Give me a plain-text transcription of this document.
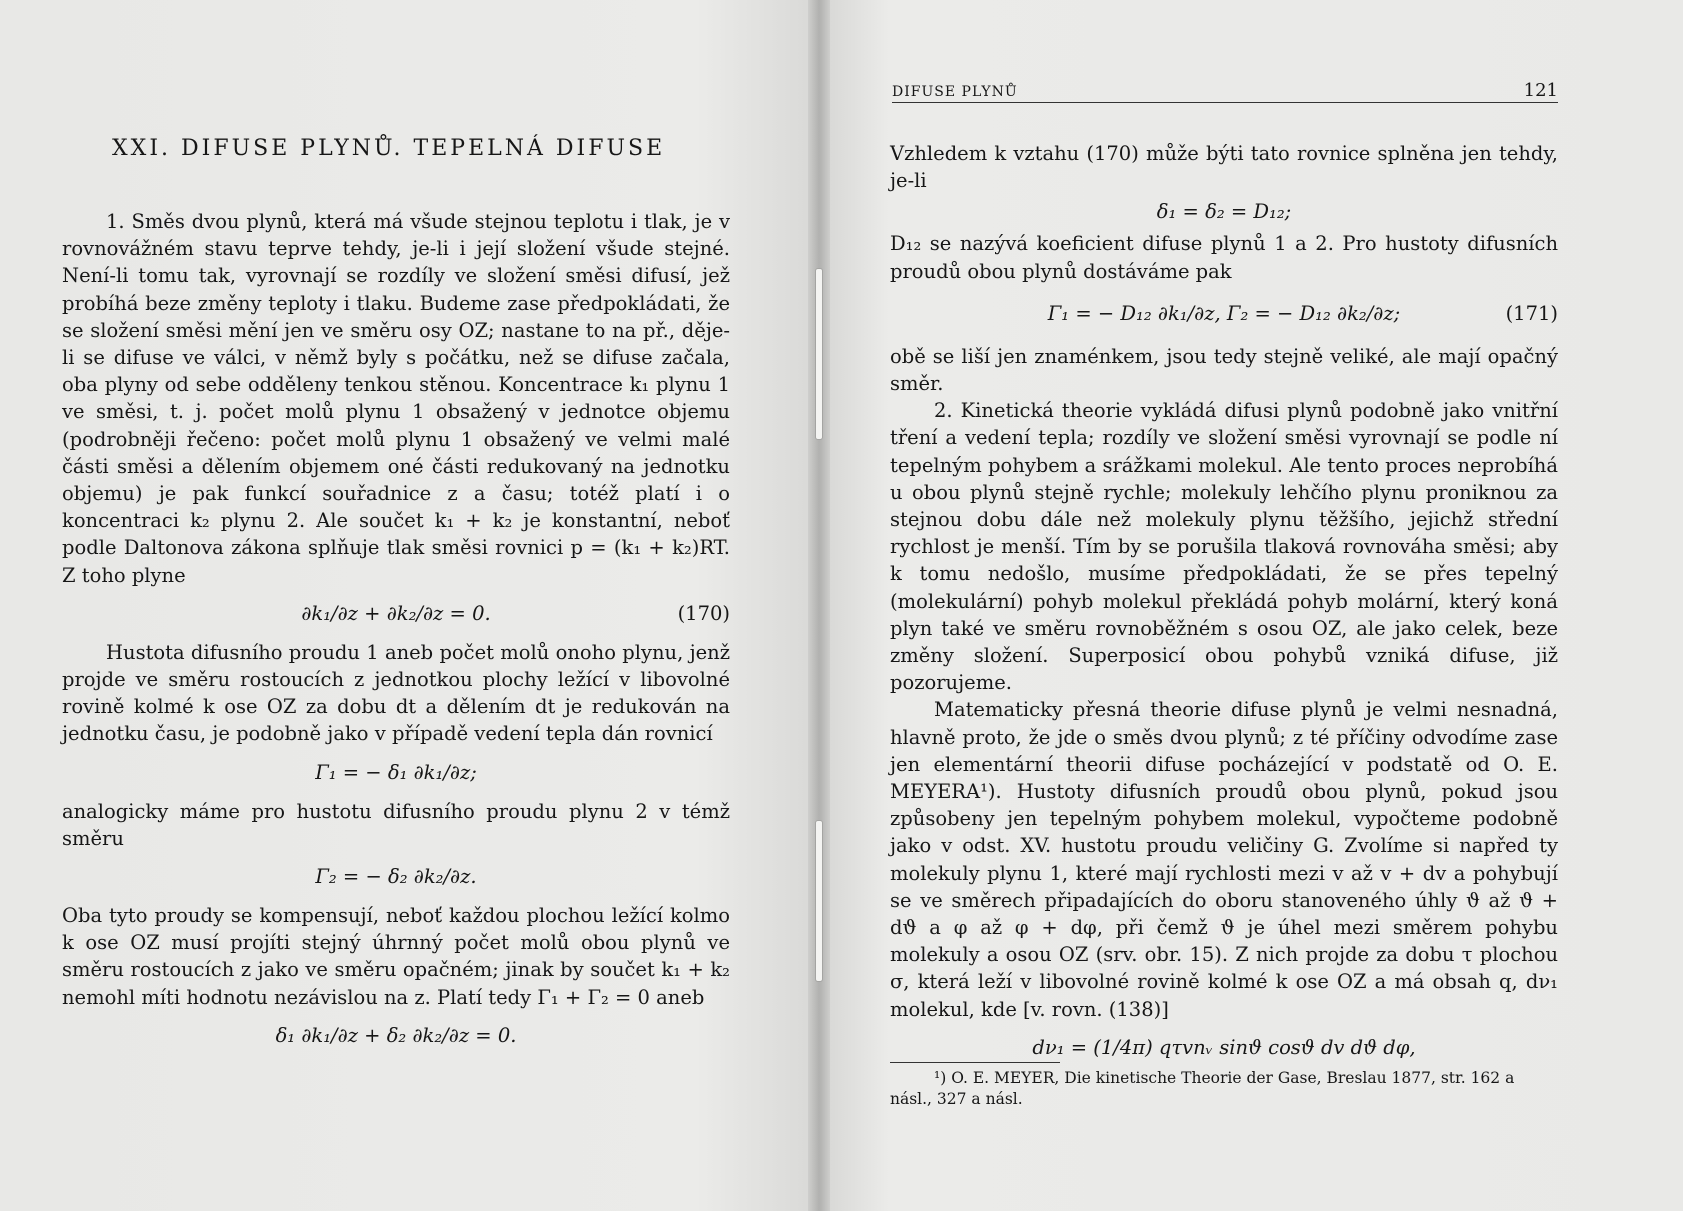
XXI. DIFUSE PLYNŮ. TEPELNÁ DIFUSE

1. Směs dvou plynů, která má všude stejnou teplotu i tlak, je v rovnovážném stavu teprve tehdy, je-li i její složení všude stejné. Není-li tomu tak, vyrovnají se rozdíly ve složení směsi difusí, jež probíhá beze změny teploty i tlaku. Budeme zase předpokládati, že se složení směsi mění jen ve směru osy OZ; nastane to na př., děje-li se difuse ve válci, v němž byly s počátku, než se difuse začala, oba plyny od sebe odděleny tenkou stěnou. Koncentrace k₁ plynu 1 ve směsi, t. j. počet molů plynu 1 obsažený v jednotce objemu (podrobněji řečeno: počet molů plynu 1 obsažený ve velmi malé části směsi a dělením objemem oné části redukovaný na jednotku objemu) je pak funkcí souřadnice z a času; totéž platí i o koncentraci k₂ plynu 2. Ale součet k₁ + k₂ je konstantní, neboť podle Daltonova zákona splňuje tlak směsi rovnici p = (k₁ + k₂)RT. Z toho plyne

∂k₁/∂z + ∂k₂/∂z = 0.	(170)

Hustota difusního proudu 1 aneb počet molů onoho plynu, jenž projde ve směru rostoucích z jednotkou plochy ležící v libovolné rovině kolmé k ose OZ za dobu dt a dělením dt je redukován na jednotku času, je podobně jako v případě vedení tepla dán rovnicí

Γ₁ = − δ₁ ∂k₁/∂z;

analogicky máme pro hustotu difusního proudu plynu 2 v témž směru

Γ₂ = − δ₂ ∂k₂/∂z.

Oba tyto proudy se kompensují, neboť každou plochou ležící kolmo k ose OZ musí projíti stejný úhrnný počet molů obou plynů ve směru rostoucích z jako ve směru opačném; jinak by součet k₁ + k₂ nemohl míti hodnotu nezávislou na z. Platí tedy Γ₁ + Γ₂ = 0 aneb

δ₁ ∂k₁/∂z + δ₂ ∂k₂/∂z = 0.
DIFUSE PLYNŮ	121

Vzhledem k vztahu (170) může býti tato rovnice splněna jen tehdy, je-li

δ₁ = δ₂ = D₁₂;

D₁₂ se nazývá koeficient difuse plynů 1 a 2. Pro hustoty difusních proudů obou plynů dostáváme pak

Γ₁ = − D₁₂ ∂k₁/∂z, Γ₂ = − D₁₂ ∂k₂/∂z;	(171)

obě se liší jen znaménkem, jsou tedy stejně veliké, ale mají opačný směr.

2. Kinetická theorie vykládá difusi plynů podobně jako vnitřní tření a vedení tepla; rozdíly ve složení směsi vyrovnají se podle ní tepelným pohybem a srážkami molekul. Ale tento proces neprobíhá u obou plynů stejně rychle; molekuly lehčího plynu proniknou za stejnou dobu dále než molekuly plynu těžšího, jejichž střední rychlost je menší. Tím by se porušila tlaková rovnováha směsi; aby k tomu nedošlo, musíme předpokládati, že se přes tepelný (molekulární) pohyb molekul překládá pohyb molární, který koná plyn také ve směru rovnoběžném s osou OZ, ale jako celek, beze změny složení. Superposicí obou pohybů vzniká difuse, již pozorujeme.

Matematicky přesná theorie difuse plynů je velmi nesnadná, hlavně proto, že jde o směs dvou plynů; z té příčiny odvodíme zase jen elementární theorii difuse pocházející v podstatě od O. E. MEYERA¹). Hustoty difusních proudů obou plynů, pokud jsou způsobeny jen tepelným pohybem molekul, vypočteme podobně jako v odst. XV. hustotu proudu veličiny G. Zvolíme si napřed ty molekuly plynu 1, které mají rychlosti mezi v až v + dv a pohybují se ve směrech připadajících do oboru stanoveného úhly ϑ až ϑ + dϑ a φ až φ + dφ, při čemž ϑ je úhel mezi směrem pohybu molekuly a osou OZ (srv. obr. 15). Z nich projde za dobu τ plochou σ, která leží v libovolné rovině kolmé k ose OZ a má obsah q, dν₁ molekul, kde [v. rovn. (138)]

dν₁ = (1/4π) qτvnᵥ sinϑ cosϑ dv dϑ dφ,
¹) O. E. MEYER, Die kinetische Theorie der Gase, Breslau 1877, str. 162 a násl., 327 a násl.
